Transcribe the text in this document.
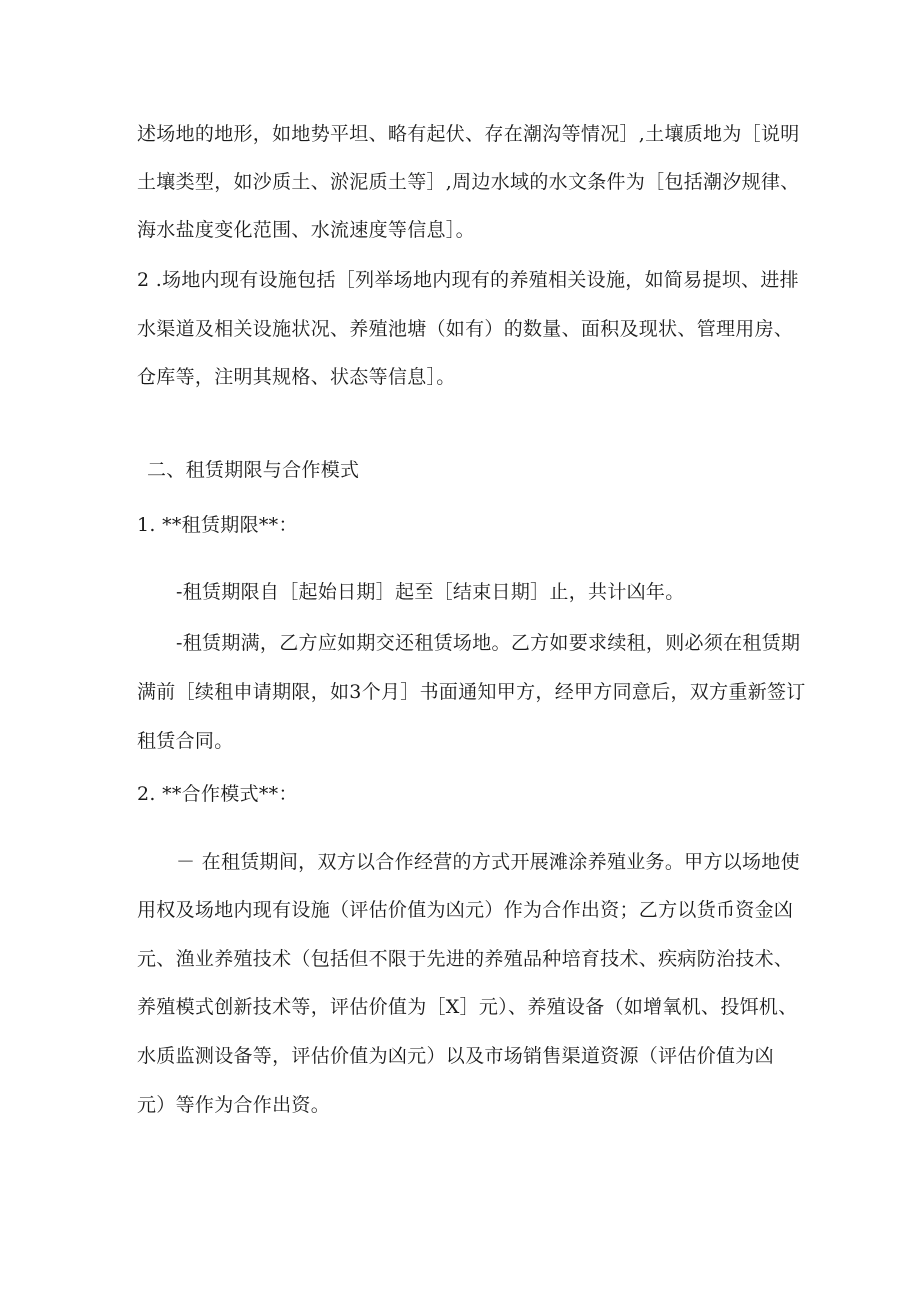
述场地的地形，如地势平坦、略有起伏、存在潮沟等情况］,土壤质地为［说明
土壤类型，如沙质土、淤泥质土等］,周边水域的水文条件为［包括潮汐规律、
海水盐度变化范围、水流速度等信息］。
2 .场地内现有设施包括［列举场地内现有的养殖相关设施，如简易提坝、进排
水渠道及相关设施状况、养殖池塘（如有）的数量、面积及现状、管理用房、
仓库等，注明其规格、状态等信息］。
二、租赁期限与合作模式
1. **租赁期限**：
-租赁期限自［起始日期］起至［结束日期］止，共计凶年。
-租赁期满，乙方应如期交还租赁场地。乙方如要求续租，则必须在租赁期
满前［续租申请期限，如3个月］书面通知甲方，经甲方同意后，双方重新签订
租赁合同。
2. **合作模式**：
－ 在租赁期间，双方以合作经营的方式开展滩涂养殖业务。甲方以场地使
用权及场地内现有设施（评估价值为凶元）作为合作出资；乙方以货币资金凶
元、渔业养殖技术（包括但不限于先进的养殖品种培育技术、疾病防治技术、
养殖模式创新技术等，评估价值为［X］元）、养殖设备（如增氧机、投饵机、
水质监测设备等，评估价值为凶元）以及市场销售渠道资源（评估价值为凶
元）等作为合作出资。
